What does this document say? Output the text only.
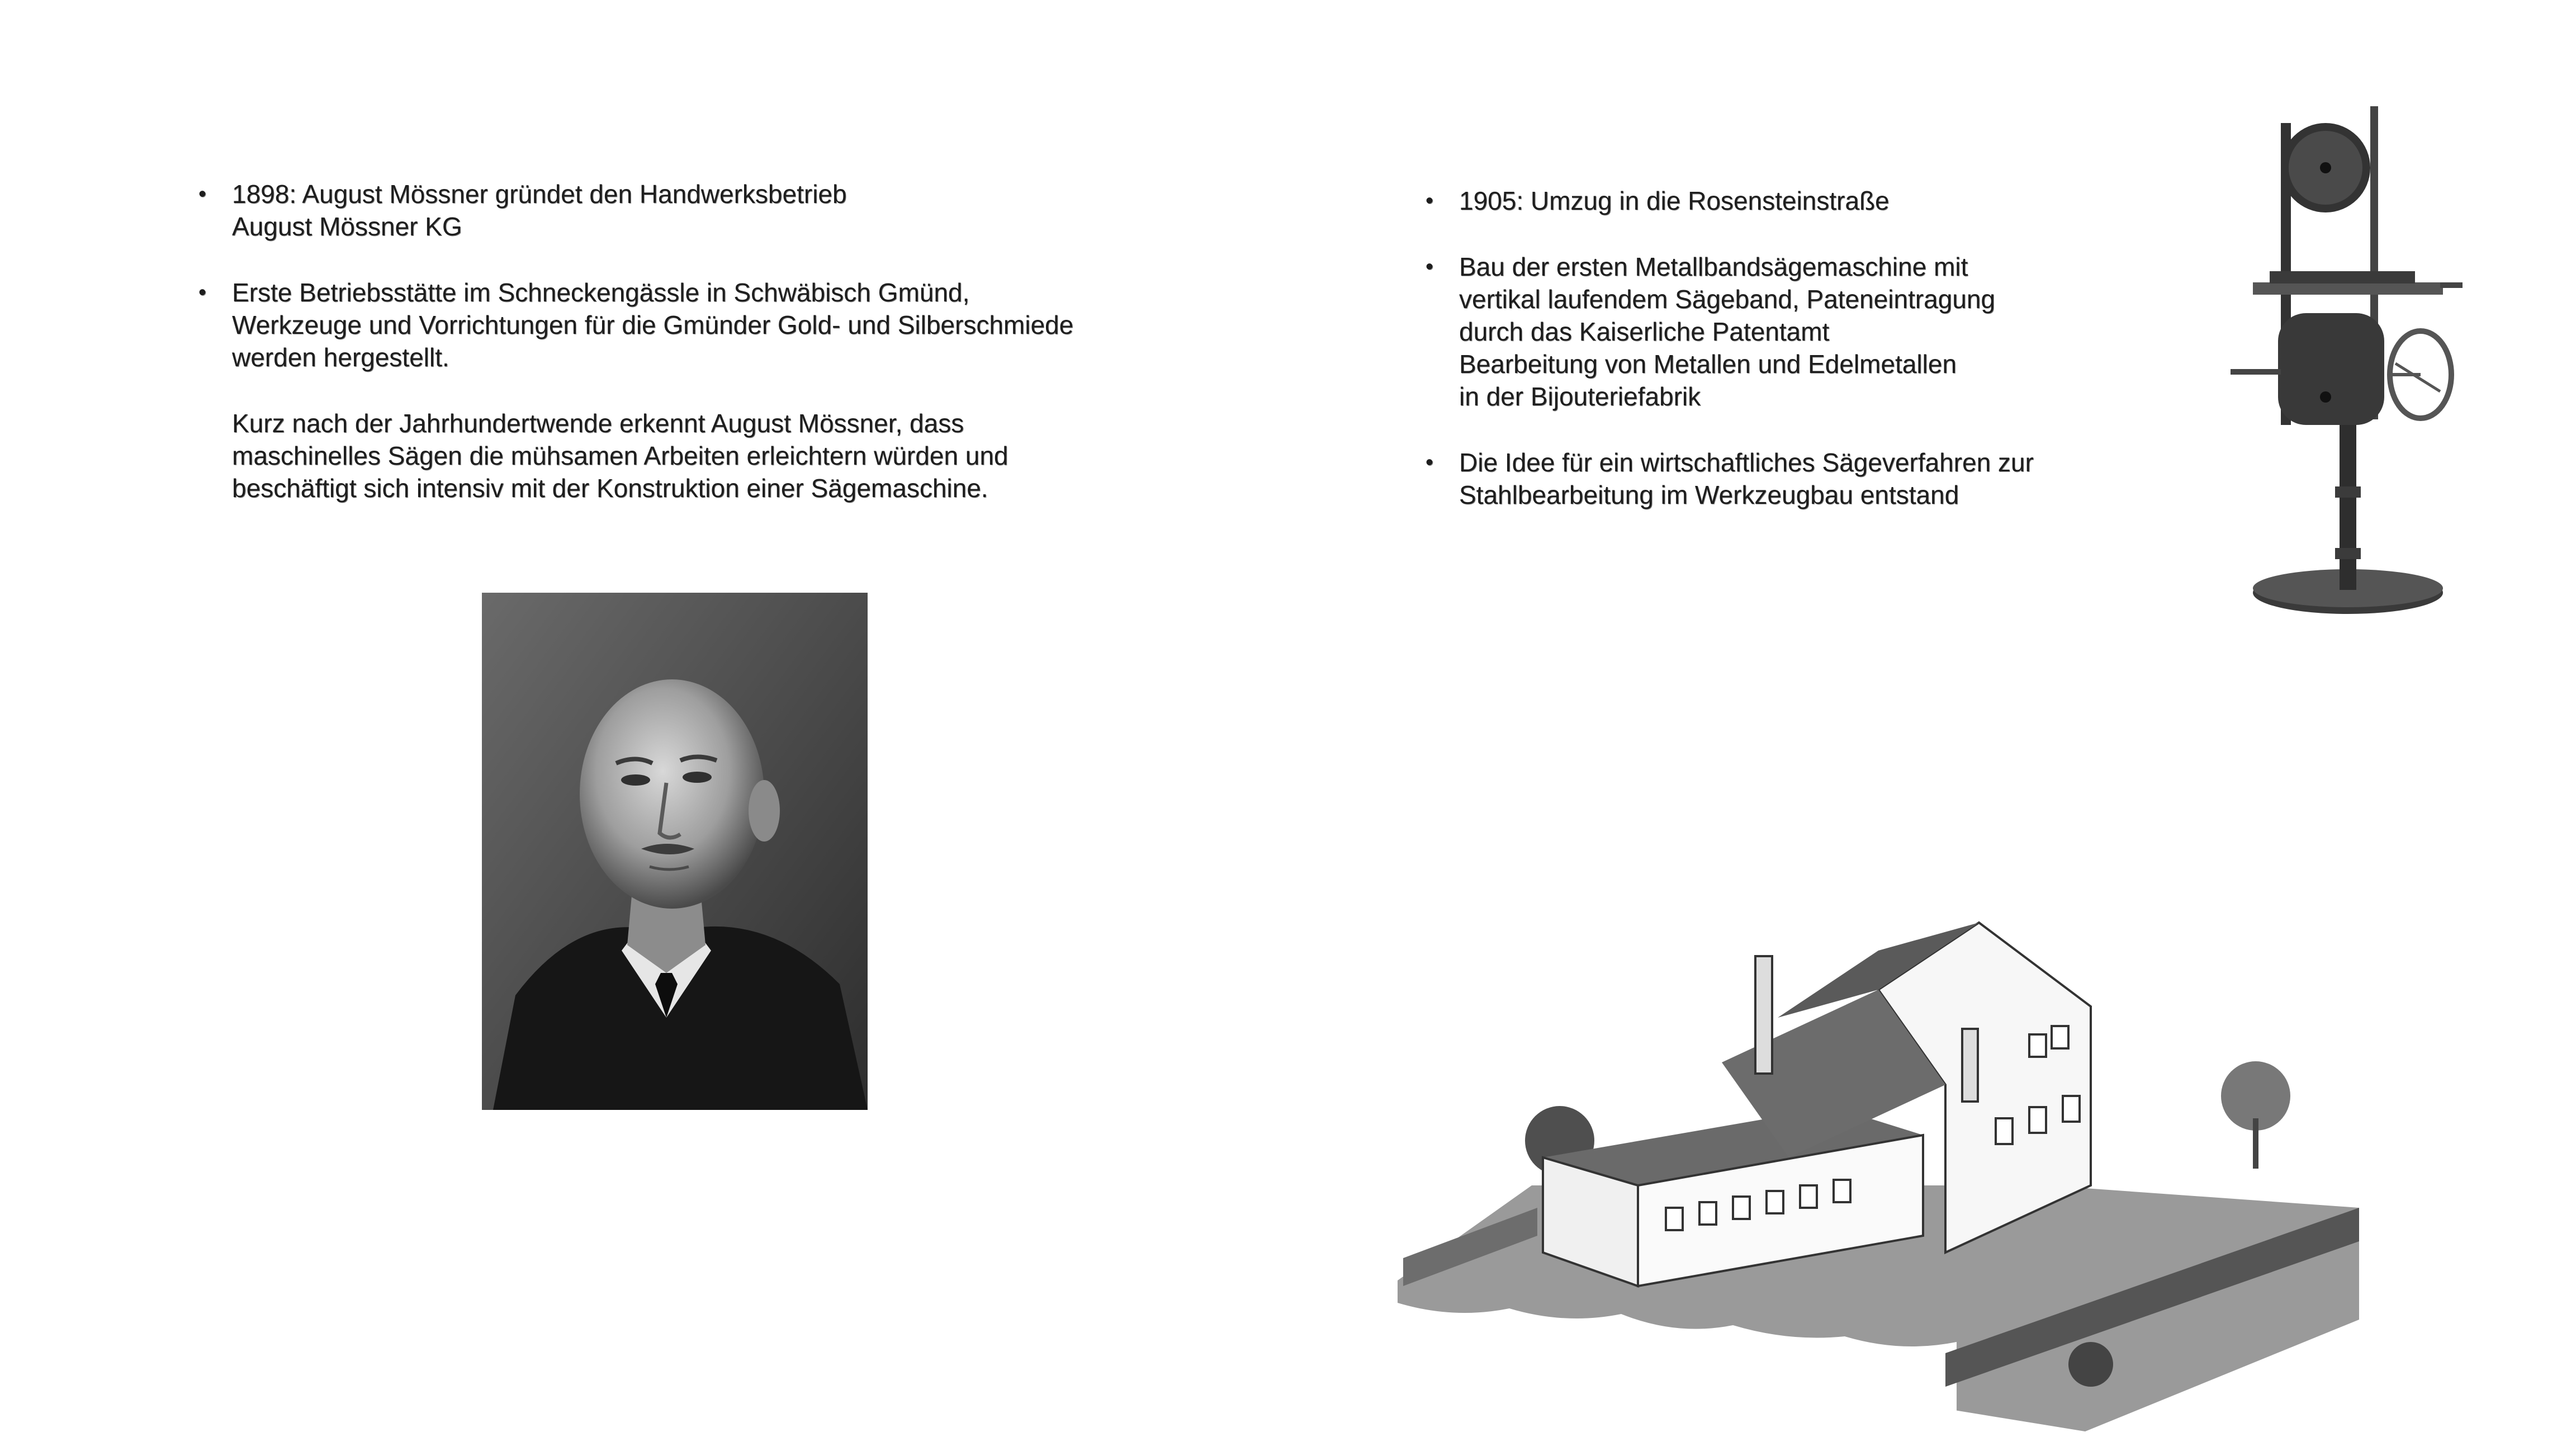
• 1898: August Mössner gründet den Handwerksbetrieb
August Mössner KG
• Erste Betriebsstätte im Schneckengässle in Schwäbisch Gmünd,
Werkzeuge und Vorrichtungen für die Gmünder Gold- und Silberschmiede
werden hergestellt.
Kurz nach der Jahrhundertwende erkennt August Mössner, dass
maschinelles Sägen die mühsamen Arbeiten erleichtern würden und
beschäftigt sich intensiv mit der Konstruktion einer Sägemaschine.
• 1905: Umzug in die Rosensteinstraße
• Bau der ersten Metallbandsägemaschine mit
vertikal laufendem Sägeband, Pateneintragung
durch das Kaiserliche Patentamt
Bearbeitung von Metallen und Edelmetallen
in der Bijouteriefabrik
• Die Idee für ein wirtschaftliches Sägeverfahren zur
Stahlbearbeitung im Werkzeugbau entstand
